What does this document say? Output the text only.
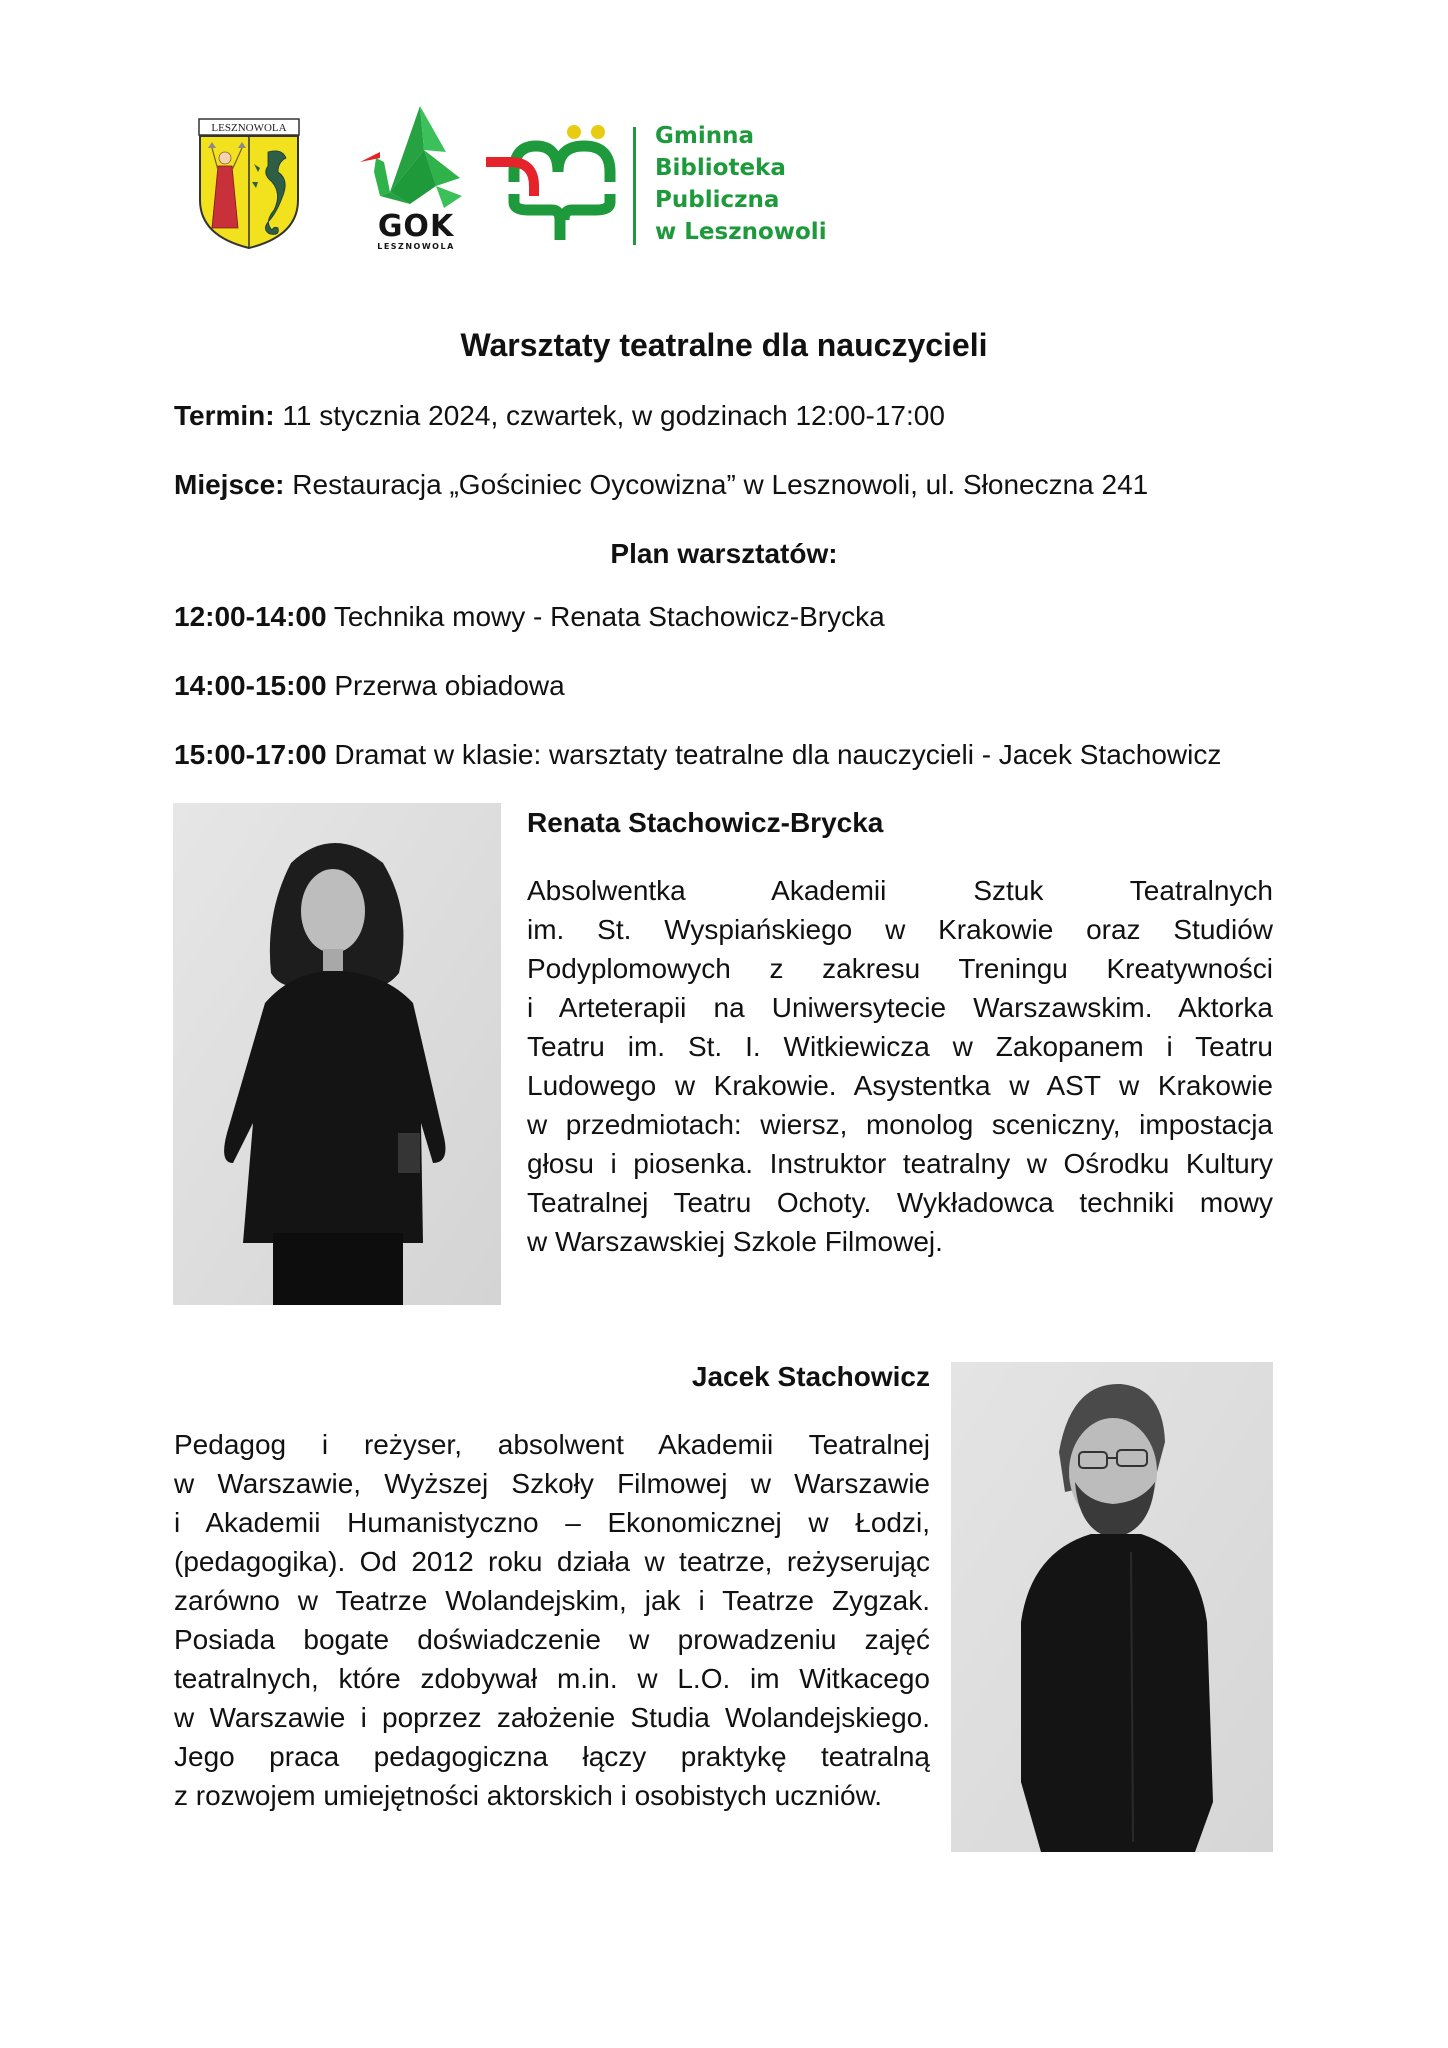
LESZNOWOLA
GOK
LESZNOWOLA
Gminna
Biblioteka
Publiczna
w Lesznowoli
Warsztaty teatralne dla nauczycieli
Termin: 11 stycznia 2024, czwartek, w godzinach 12:00-17:00
Miejsce: Restauracja „Gościniec Oycowizna” w Lesznowoli, ul. Słoneczna 241
Plan warsztatów:
12:00-14:00 Technika mowy - Renata Stachowicz-Brycka
14:00-15:00 Przerwa obiadowa
15:00-17:00 Dramat w klasie: warsztaty teatralne dla nauczycieli - Jacek Stachowicz
Renata Stachowicz-Brycka
Absolwentka Akademii Sztuk Teatralnych
im. St. Wyspiańskiego w Krakowie oraz Studiów
Podyplomowych z zakresu Treningu Kreatywności
i Arteterapii na Uniwersytecie Warszawskim. Aktorka
Teatru im. St. I. Witkiewicza w Zakopanem i Teatru
Ludowego w Krakowie. Asystentka w AST w Krakowie
w przedmiotach: wiersz, monolog sceniczny, impostacja
głosu i piosenka. Instruktor teatralny w Ośrodku Kultury
Teatralnej Teatru Ochoty. Wykładowca techniki mowy
w Warszawskiej Szkole Filmowej.
Jacek Stachowicz
Pedagog i reżyser, absolwent Akademii Teatralnej
w Warszawie, Wyższej Szkoły Filmowej w Warszawie
i Akademii Humanistyczno – Ekonomicznej w Łodzi,
(pedagogika). Od 2012 roku działa w teatrze, reżyserując
zarówno w Teatrze Wolandejskim, jak i Teatrze Zygzak.
Posiada bogate doświadczenie w prowadzeniu zajęć
teatralnych, które zdobywał m.in. w L.O. im Witkacego
w Warszawie i poprzez założenie Studia Wolandejskiego.
Jego praca pedagogiczna łączy praktykę teatralną
z rozwojem umiejętności aktorskich i osobistych uczniów.
